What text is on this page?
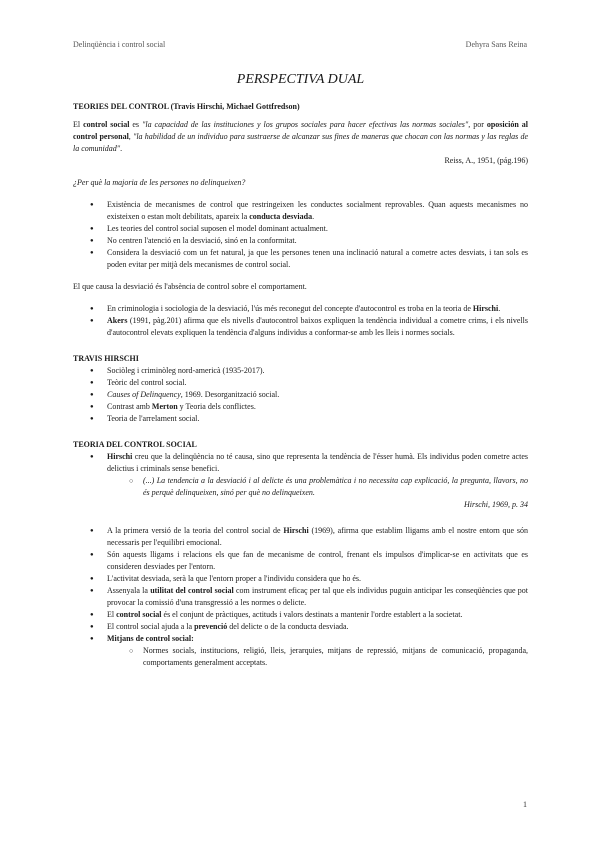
Delinqüència i control social	Dehyra Sans Reina
PERSPECTIVA DUAL
TEORIES DEL CONTROL (Travis Hirschi, Michael Gottfredson)

El control social es "la capacidad de las instituciones y los grupos sociales para hacer efectivas las normas sociales", por oposición al control personal, "la habilidad de un individuo para sustraerse de alcanzar sus fines de maneras que chocan con las normas y las reglas de la comunidad".

Reiss, A., 1951, (pág.196)

¿Per què la majoria de les persones no delinqueixen?

● Existència de mecanismes de control que restringeixen les conductes socialment reprovables. Quan aquests mecanismes no existeixen o estan molt debilitats, apareix la conducta desviada.
● Les teories del control social suposen el model dominant actualment.
● No centren l'atenció en la desviació, sinó en la conformitat.
● Considera la desviació com un fet natural, ja que les persones tenen una inclinació natural a cometre actes desviats, i tan sols es poden evitar per mitjà dels mecanismes de control social.

El que causa la desviació és l'absència de control sobre el comportament.

● En criminologia i sociologia de la desviació, l'ús més reconegut del concepte d'autocontrol es troba en la teoria de Hirschi.
● Akers (1991, pàg.201) afirma que els nivells d'autocontrol baixos expliquen la tendència individual a cometre crims, i els nivells d'autocontrol elevats expliquen la tendència d'alguns individus a conformar-se amb les lleis i normes socials.
TRAVIS HIRSCHI
● Sociòleg i criminòleg nord-americà (1935-2017).
● Teòric del control social.
● Causes of Delinquency, 1969. Desorganització social.
● Contrast amb Merton y Teoria dels conflictes.
● Teoria de l'arrelament social.
TEORIA DEL CONTROL SOCIAL
● Hirschi creu que la delinqüència no té causa, sino que representa la tendència de l'ésser humà. Els individus poden cometre actes delictius i criminals sense benefici.
○ (...) La tendencia a la desviació i al delicte és una problemàtica i no necessita cap explicació, la pregunta, llavors, no és perquè delinqueixen, sinó per què no delinqueixen.

Hirschi, 1969, p. 34

● A la primera versió de la teoria del control social de Hirschi (1969), afirma que establim lligams amb el nostre entorn que són necessaris per l'equilibri emocional.
● Són aquests lligams i relacions els que fan de mecanisme de control, frenant els impulsos d'implicar-se en activitats que es consideren desviades per l'entorn.
● L'activitat desviada, serà la que l'entorn proper a l'individu considera que ho és.
● Assenyala la utilitat del control social com instrument eficaç per tal que els individus puguin anticipar les conseqüències que pot provocar la comissió d'una transgressió a les normes o delicte.
● El control social és el conjunt de pràctiques, actituds i valors destinats a mantenir l'ordre establert a la societat.
● El control social ajuda a la prevenció del delicte o de la conducta desviada.
● Mitjans de control social:
○ Normes socials, institucions, religió, lleis, jerarquies, mitjans de repressió, mitjans de comunicació, propaganda, comportaments generalment acceptats.
1
